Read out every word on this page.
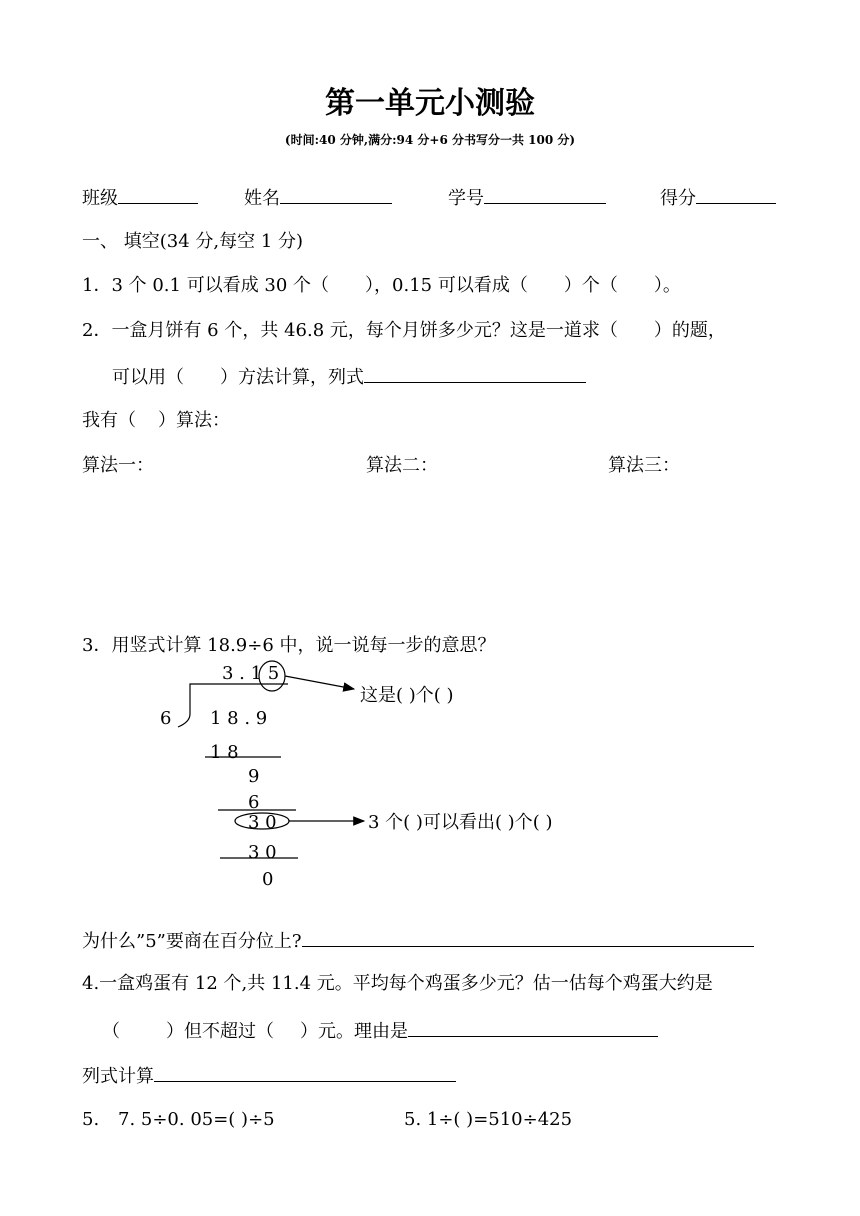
第一单元小测验
(时间:40 分钟,满分:94 分+6 分书写分一共 100 分)
班级	姓名	学号	得分
一、 填空(34 分,每空 1 分)
1．3 个 0.1 可以看成 30 个（ ），0.15 可以看成（ ）个（ ）。
2．一盒月饼有 6 个，共 46.8 元，每个月饼多少元？这是一道求（ ）的题，
可以用（ ）方法计算，列式
我有（ ）算法：
算法一：	算法二：	算法三：
3．用竖式计算 18.9÷6 中，说一说每一步的意思？
3 . 1 5
6 1 8 . 9
1 8
9
6
3 0
3 0
0
这是( )个( )
3 个( )可以看出( )个( )
为什么”5”要商在百分位上?
4.一盒鸡蛋有 12 个,共 11.4 元。平均每个鸡蛋多少元？估一估每个鸡蛋大约是
（	）但不超过（ ）元。理由是
列式计算
5. 7. 5÷0. 05=( )÷5	5. 1÷( )=510÷425
